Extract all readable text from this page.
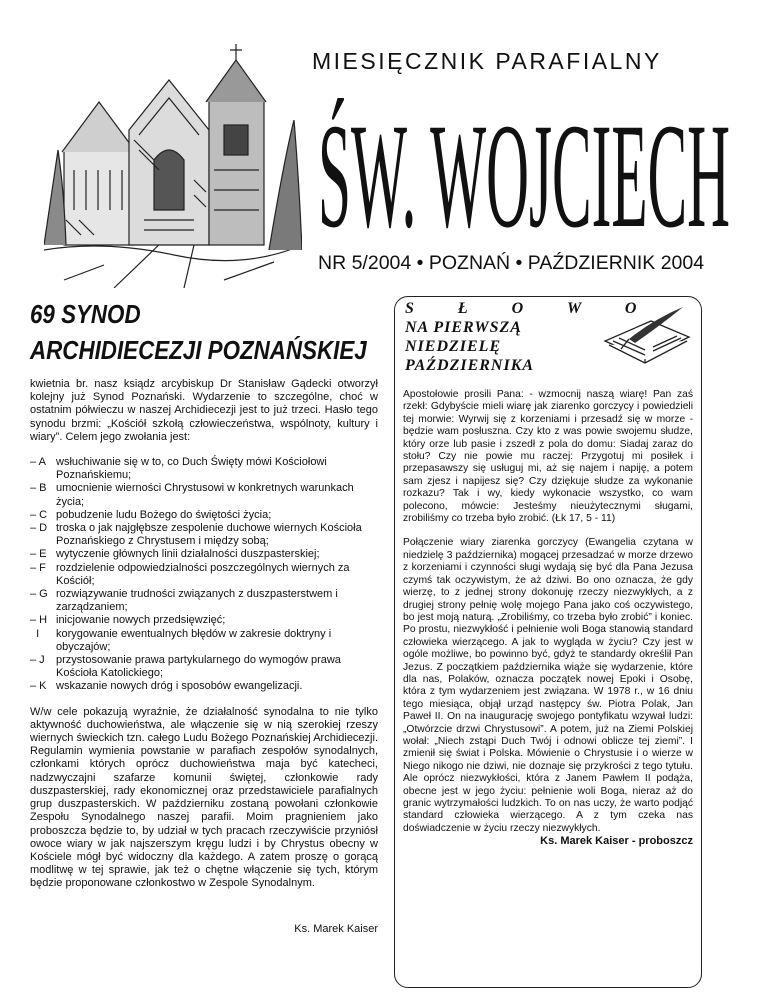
MIESIĘCZNIK PARAFIALNY
ŚW. WOJCIECH
NR 5/2004 • POZNAŃ • PAŹDZIERNIK 2004
69 SYNOD
ARCHIDIECEZJI POZNAŃSKIEJ

kwietnia br. nasz ksiądz arcybiskup Dr Stanisław Gądecki otworzył kolejny już Synod Poznański. Wydarzenie to szczególne, choć w ostatnim półwieczu w naszej Archidiecezji jest to już trzeci. Hasło tego synodu brzmi: „Kościół szkołą człowieczeństwa, wspólnoty, kultury i wiary”. Celem jego zwołania jest:

– A wsłuchiwanie się w to, co Duch Święty mówi Kościołowi Poznańskiemu;
– B umocnienie wierności Chrystusowi w konkretnych warunkach życia;
– C pobudzenie ludu Bożego do świętości życia;
– D troska o jak najgłębsze zespolenie duchowe wiernych Kościoła Poznańskiego z Chrystusem i między sobą;
– E wytyczenie głównych linii działalności duszpasterskiej;
– F rozdzielenie odpowiedzialności poszczególnych wiernych za Kościół;
– G rozwiązywanie trudności związanych z duszpasterstwem i zarządzaniem;
– H inicjowanie nowych przedsięwzięć;
I	korygowanie ewentualnych błędów w zakresie doktryny i obyczajów;
– J	przystosowanie prawa partykularnego do wymogów prawa Kościoła Katolickiego;
– K wskazanie nowych dróg i sposobów ewangelizacji.

W/w cele pokazują wyraźnie, że działalność synodalna to nie tylko aktywność duchowieństwa, ale włączenie się w nią szerokiej rzeszy wiernych świeckich tzn. całego Ludu Bożego Poznańskiej Archidiecezji. Regulamin wymienia powstanie w parafiach zespołów synodalnych, członkami których oprócz duchowieństwa maja być katecheci, nadzwyczajni szafarze komunii świętej, członkowie rady duszpasterskiej, rady ekonomicznej oraz przedstawiciele parafialnych grup duszpasterskich. W październiku zostaną powołani członkowie Zespołu Synodalnego naszej parafii. Moim pragnieniem jako proboszcza będzie to, by udział w tych pracach rzeczywiście przyniósł owoce wiary w jak najszerszym kręgu ludzi i by Chrystus obecny w Kościele mógł być widoczny dla każdego. A zatem proszę o gorącą modlitwę w tej sprawie, jak też o chętne włączenie się tych, którym będzie proponowane członkostwo w Zespole Synodalnym.

Ks. Marek Kaiser
S Ł O W O
NA PIERWSZĄ
NIEDZIELĘ
PAŹDZIERNIKA

Apostołowie prosili Pana: - wzmocnij naszą wiarę! Pan zaś rzekł: Gdybyście mieli wiarę jak ziarenko gorczycy i powiedzieli tej morwie: Wyrwij się z korzeniami i przesadź się w morze - będzie wam posłuszna. Czy kto z was powie swojemu słudze, który orze lub pasie i zszedł z pola do domu: Siadaj zaraz do stołu? Czy nie powie mu raczej: Przygotuj mi posiłek i przepasawszy się usługuj mi, aż się najem i napiję, a potem sam zjesz i napijesz się? Czy dziękuje słudze za wykonanie rozkazu? Tak i wy, kiedy wykonacie wszystko, co wam polecono, mówcie: Jesteśmy nieużytecznymi sługami, zrobiliśmy co trzeba było zrobić. (Łk 17, 5 - 11)

Połączenie wiary ziarenka gorczycy (Ewangelia czytana w niedzielę 3 października) mogącej przesadzać w morze drzewo z korzeniami i czynności sługi wydają się być dla Pana Jezusa czymś tak oczywistym, że aż dziwi. Bo ono oznacza, że gdy wierzę, to z jednej strony dokonuję rzeczy niezwykłych, a z drugiej strony pełnię wolę mojego Pana jako coś oczywistego, bo jest moją naturą. „Zrobiliśmy, co trzeba było zrobić” i koniec. Po prostu, niezwykłość i pełnienie woli Boga stanowią standard człowieka wierzącego. A jak to wygląda w życiu? Czy jest w ogóle możliwe, bo powinno być, gdyż te standardy określił Pan Jezus. Z początkiem października wiąże się wydarzenie, które dla nas, Polaków, oznacza początek nowej Epoki i Osobę, która z tym wydarzeniem jest związana. W 1978 r., w 16 dniu tego miesiąca, objął urząd następcy św. Piotra Polak, Jan Paweł II. On na inaugurację swojego pontyfikatu wzywał ludzi: „Otwórzcie drzwi Chrystusowi”. A potem, już na Ziemi Polskiej wołał: „Niech zstąpi Duch Twój i odnowi oblicze tej ziemi”. I zmienił się świat i Polska. Mówienie o Chrystusie i o wierze w Niego nikogo nie dziwi, nie doznaje się przykrości z tego tytułu. Ale oprócz niezwykłości, która z Janem Pawłem II podąża, obecne jest w jego życiu: pełnienie woli Boga, nieraz aż do granic wytrzymałości ludzkich. To on nas uczy, że warto podjąć standard człowieka wierzącego. A z tym czeka nas doświadczenie w życiu rzeczy niezwykłych.

Ks. Marek Kaiser - proboszcz
